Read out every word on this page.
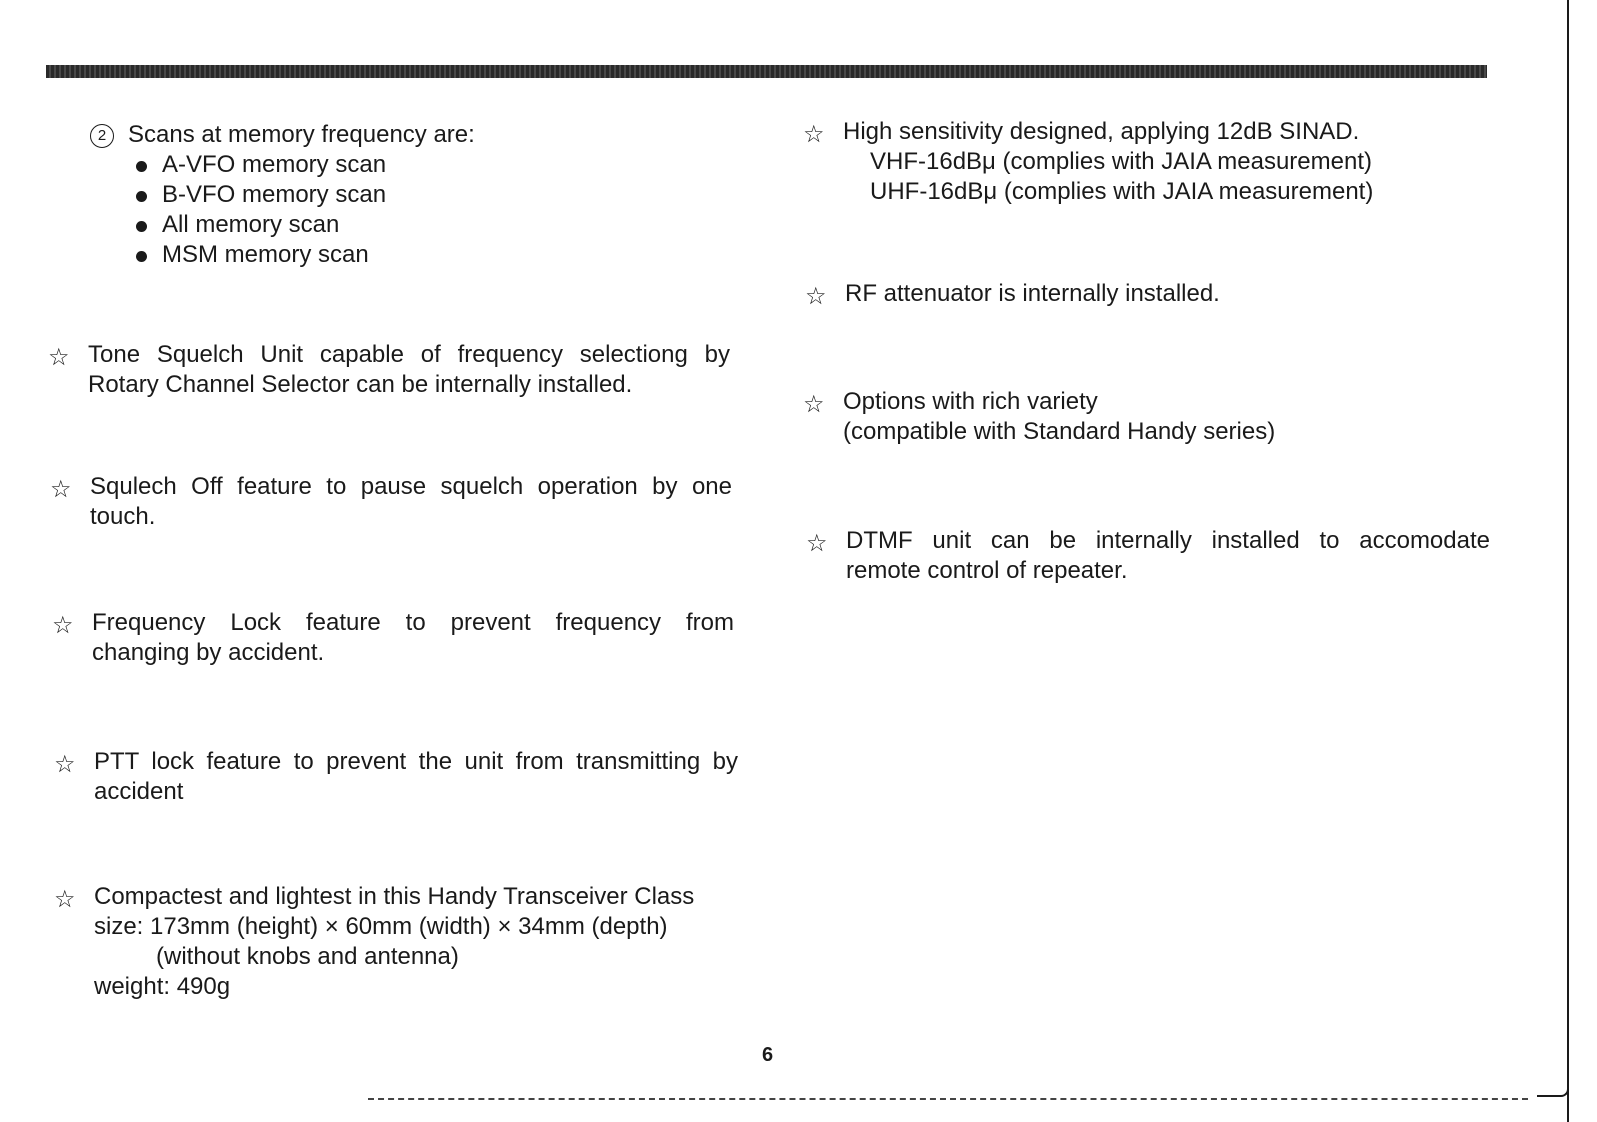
2 Scans at memory frequency are:
A-VFO memory scan
B-VFO memory scan
All memory scan
MSM memory scan
☆ Tone Squelch Unit capable of frequency selectiong by
Rotary Channel Selector can be internally installed.
☆ Squlech Off feature to pause squelch operation by one
touch.
☆ Frequency Lock feature to prevent frequency from
changing by accident.
☆ PTT lock feature to prevent the unit from transmitting by
accident
☆ Compactest and lightest in this Handy Transceiver Class
size: 173mm (height) × 60mm (width) × 34mm (depth)
(without knobs and antenna)
weight: 490g
☆ High sensitivity designed, applying 12dB SINAD.
VHF-16dBμ (complies with JAIA measurement)
UHF-16dBμ (complies with JAIA measurement)
☆ RF attenuator is internally installed.
☆ Options with rich variety
(compatible with Standard Handy series)
☆ DTMF unit can be internally installed to accomodate
remote control of repeater.
6
